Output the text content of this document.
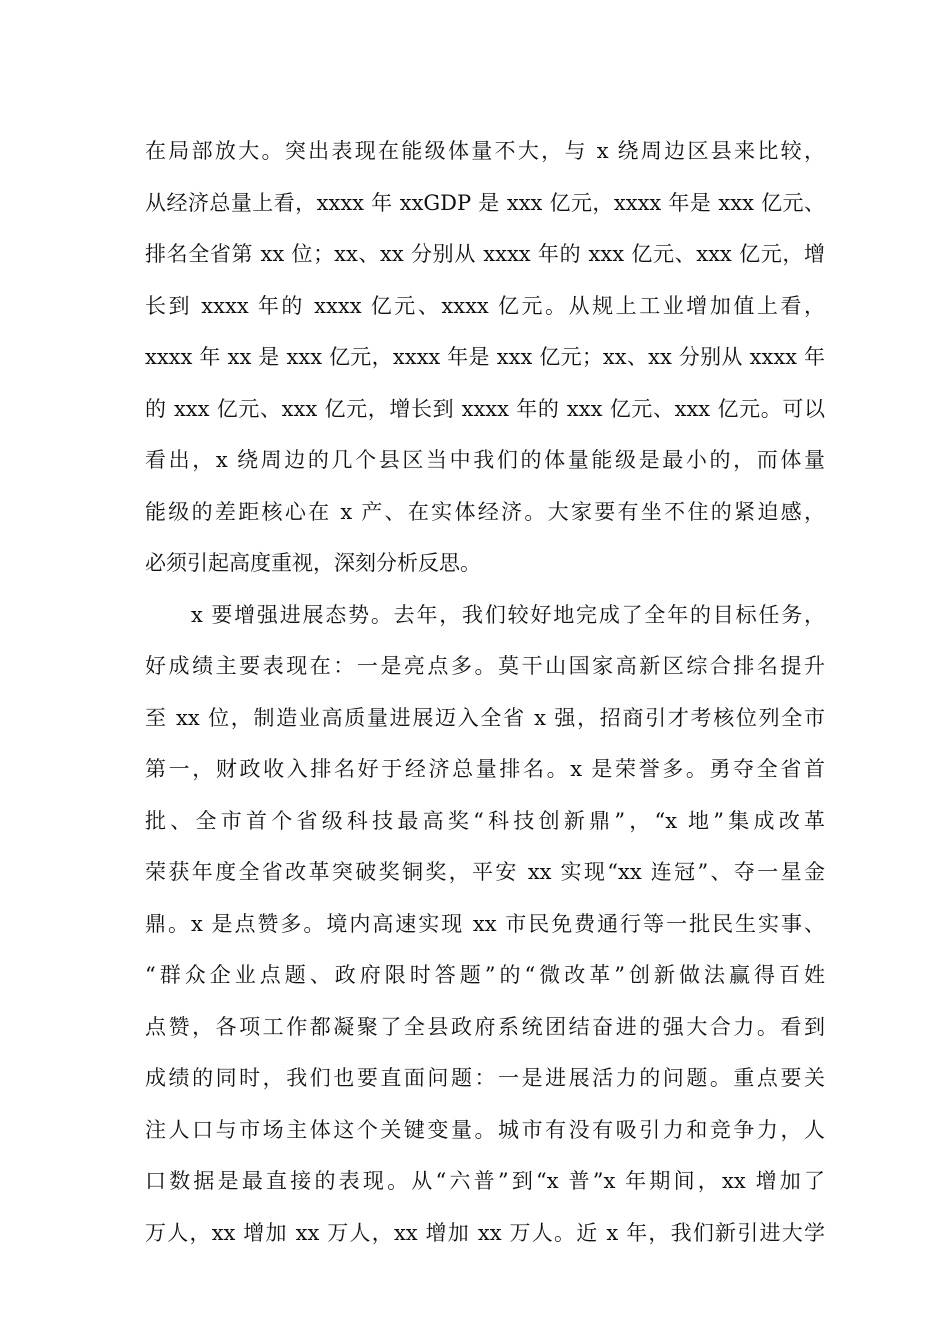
在局部放大。突出表现在能级体量不大，与 x 绕周边区县来比较，
从经济总量上看，xxxx 年 xxGDP 是 xxx 亿元，xxxx 年是 xxx 亿元、
排名全省第 xx 位；xx、xx 分别从 xxxx 年的 xxx 亿元、xxx 亿元，增
长到 xxxx 年的 xxxx 亿元、xxxx 亿元。从规上工业增加值上看，
xxxx 年 xx 是 xxx 亿元，xxxx 年是 xxx 亿元；xx、xx 分别从 xxxx 年
的 xxx 亿元、xxx 亿元，增长到 xxxx 年的 xxx 亿元、xxx 亿元。可以
看出，x 绕周边的几个县区当中我们的体量能级是最小的，而体量
能级的差距核心在 x 产、在实体经济。大家要有坐不住的紧迫感，
必须引起高度重视，深刻分析反思。
x 要增强进展态势。去年，我们较好地完成了全年的目标任务，
好成绩主要表现在：一是亮点多。莫干山国家高新区综合排名提升
至 xx 位，制造业高质量进展迈入全省 x 强，招商引才考核位列全市
第一，财政收入排名好于经济总量排名。x 是荣誉多。勇夺全省首
批、全市首个省级科技最高奖“科技创新鼎”，“x 地”集成改革
荣获年度全省改革突破奖铜奖，平安 xx 实现“xx 连冠”、夺一星金
鼎。x 是点赞多。境内高速实现 xx 市民免费通行等一批民生实事、
“群众企业点题、政府限时答题”的“微改革”创新做法赢得百姓
点赞，各项工作都凝聚了全县政府系统团结奋进的强大合力。看到
成绩的同时，我们也要直面问题：一是进展活力的问题。重点要关
注人口与市场主体这个关键变量。城市有没有吸引力和竞争力，人
口数据是最直接的表现。从“六普”到“x 普”x 年期间，xx 增加了
万人，xx 增加 xx 万人，xx 增加 xx 万人。近 x 年，我们新引进大学
